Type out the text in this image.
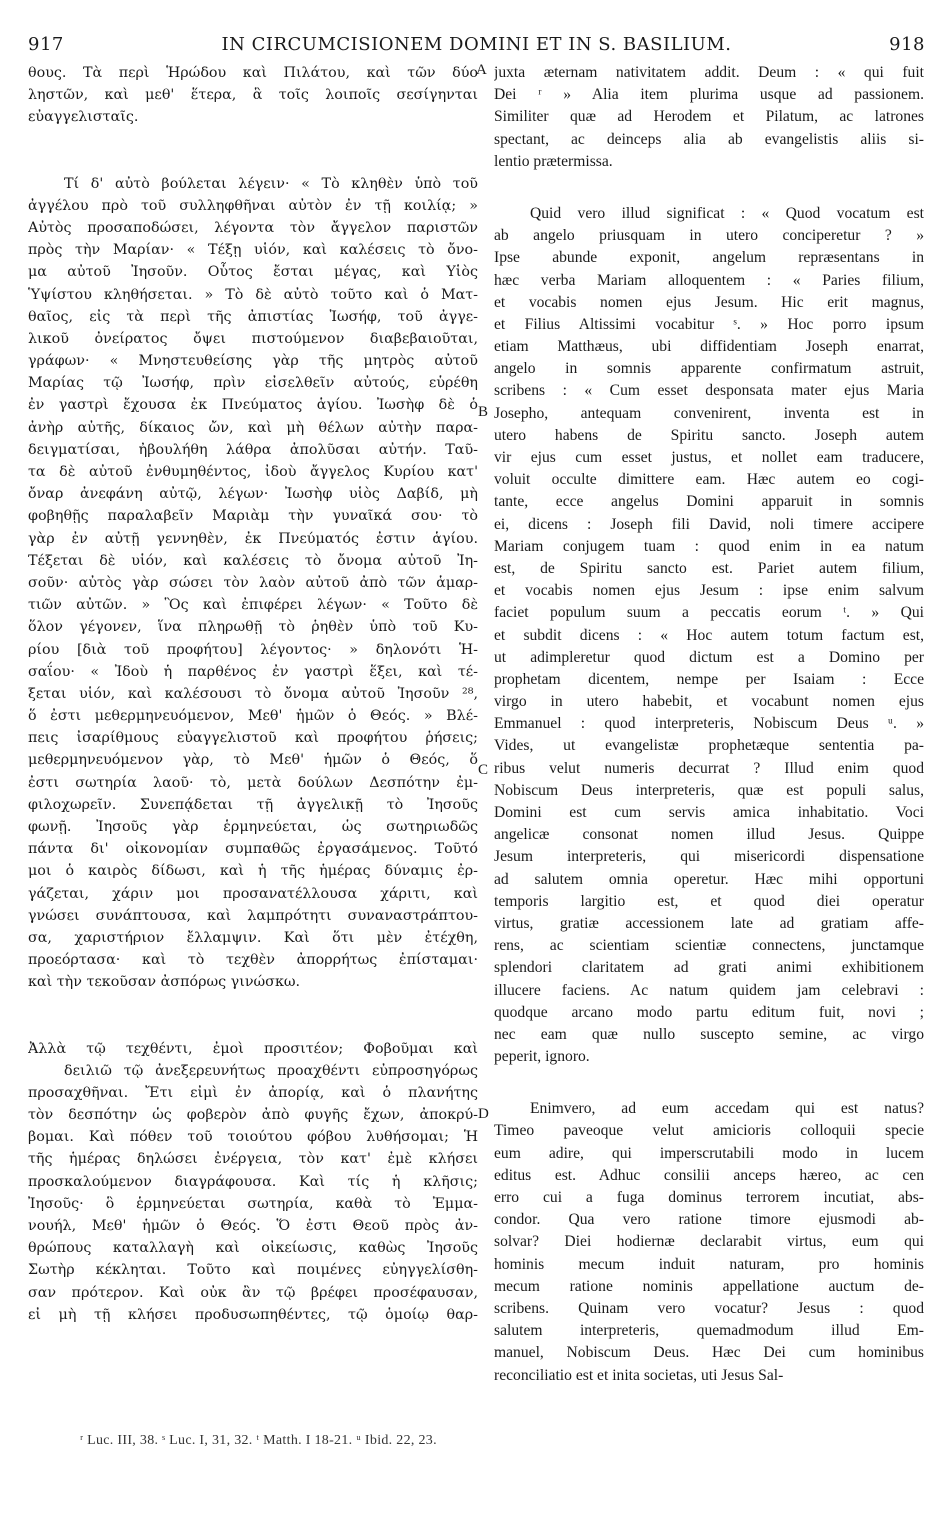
917	IN CIRCUMCISIONEM DOMINI ET IN S. BASILIUM.	918
θους. Τὰ περὶ Ἡρώδου καὶ Πιλάτου, καὶ τῶν δύο
ληστῶν, καὶ μεθ' ἕτερα, ἃ τοῖς λοιποῖς σεσίγηνται
εὐαγγελισταῖς.
Τί δ' αὐτὸ βούλεται λέγειν· « Τὸ κληθὲν ὑπὸ τοῦ
ἀγγέλου πρὸ τοῦ συλληφθῆναι αὐτὸν ἐν τῇ κοιλίᾳ; »
Αὐτὸς προσαποδώσει, λέγοντα τὸν ἄγγελον παριστῶν
πρὸς τὴν Μαρίαν· « Τέξῃ υἱόν, καὶ καλέσεις τὸ ὄνο-
μα αὐτοῦ Ἰησοῦν. Οὗτος ἔσται μέγας, καὶ Υἱὸς
Ὑψίστου κληθήσεται. » Τὸ δὲ αὐτὸ τοῦτο καὶ ὁ Ματ-
θαῖος, εἰς τὰ περὶ τῆς ἀπιστίας Ἰωσήφ, τοῦ ἀγγε-
λικοῦ ὀνείρατος ὄψει πιστούμενον διαβεβαιοῦται,
γράφων· « Μνηστευθείσης γὰρ τῆς μητρὸς αὐτοῦ
Μαρίας τῷ Ἰωσήφ, πρὶν εἰσελθεῖν αὐτούς, εὑρέθη
ἐν γαστρὶ ἔχουσα ἐκ Πνεύματος ἁγίου. Ἰωσὴφ δὲ ὁ
ἀνὴρ αὐτῆς, δίκαιος ὤν, καὶ μὴ θέλων αὐτὴν παρα-
δειγματίσαι, ἠβουλήθη λάθρα ἀπολῦσαι αὐτήν. Ταῦ-
τα δὲ αὐτοῦ ἐνθυμηθέντος, ἰδοὺ ἄγγελος Κυρίου κατ'
ὄναρ ἀνεφάνη αὐτῷ, λέγων· Ἰωσὴφ υἱὸς Δαβίδ, μὴ
φοβηθῇς παραλαβεῖν Μαριὰμ τὴν γυναῖκά σου· τὸ
γὰρ ἐν αὐτῇ γεννηθὲν, ἐκ Πνεύματός ἐστιν ἁγίου.
Τέξεται δὲ υἱόν, καὶ καλέσεις τὸ ὄνομα αὐτοῦ Ἰη-
σοῦν· αὐτὸς γὰρ σώσει τὸν λαὸν αὐτοῦ ἀπὸ τῶν ἁμαρ-
τιῶν αὐτῶν. » Ὃς καὶ ἐπιφέρει λέγων· « Τοῦτο δὲ
ὅλον γέγονεν, ἵνα πληρωθῇ τὸ ῥηθὲν ὑπὸ τοῦ Κυ-
ρίου [διὰ τοῦ προφήτου] λέγοντος· » δηλονότι Ἡ-
σαΐου· « Ἰδοὺ ἡ παρθένος ἐν γαστρὶ ἕξει, καὶ τέ-
ξεται υἱόν, καὶ καλέσουσι τὸ ὄνομα αὐτοῦ Ἰησοῦν ²⁸,
ὅ ἐστι μεθερμηνευόμενον, Μεθ' ἡμῶν ὁ Θεός. » Βλέ-
πεις ἰσαρίθμους εὐαγγελιστοῦ καὶ προφήτου ῥήσεις;
μεθερμηνευόμενον γὰρ, τὸ Μεθ' ἡμῶν ὁ Θεός, ὅ
ἐστι σωτηρία λαοῦ· τὸ, μετὰ δούλων Δεσπότην ἐμ-
φιλοχωρεῖν. Συνεπᾴδεται τῇ ἀγγελικῇ τὸ Ἰησοῦς
φωνῇ. Ἰησοῦς γὰρ ἑρμηνεύεται, ὡς σωτηριωδῶς
πάντα δι' οἰκονομίαν συμπαθῶς ἐργασάμενος. Τοῦτό
μοι ὁ καιρὸς δίδωσι, καὶ ἡ τῆς ἡμέρας δύναμις ἐρ-
γάζεται, χάριν μοι προσανατέλλουσα χάριτι, καὶ
γνώσει συνάπτουσα, καὶ λαμπρότητι συναναστράπτου-
σα, χαριστήριον ἔλλαμψιν. Καὶ ὅτι μὲν ἐτέχθη,
προεόρτασα· καὶ τὸ τεχθὲν ἀπορρήτως ἐπίσταμαι·
καὶ τὴν τεκοῦσαν ἀσπόρως γινώσκω.
Ἀλλὰ τῷ τεχθέντι, ἐμοὶ προσιτέον; Φοβοῦμαι καὶ
δειλιῶ τῷ ἀνεξερευνήτως προαχθέντι εὐπροσηγόρως
προσαχθῆναι. Ἔτι εἰμὶ ἐν ἀπορίᾳ, καὶ ὁ πλανήτης
τὸν δεσπότην ὡς φοβερὸν ἀπὸ φυγῆς ἔχων, ἀποκρύ-
βομαι. Καὶ πόθεν τοῦ τοιούτου φόβου λυθήσομαι; Ἡ
τῆς ἡμέρας δηλώσει ἐνέργεια, τὸν κατ' ἐμὲ κλήσει
προσκαλούμενον διαγράφουσα. Καὶ τίς ἡ κλῆσις;
Ἰησοῦς· ὃ ἑρμηνεύεται σωτηρία, καθὰ τὸ Ἐμμα-
νουήλ, Μεθ' ἡμῶν ὁ Θεός. Ὅ ἐστι Θεοῦ πρὸς ἀν-
θρώπους καταλλαγὴ καὶ οἰκείωσις, καθὼς Ἰησοῦς
Σωτὴρ κέκληται. Τοῦτο καὶ ποιμένες εὐηγγελίσθη-
σαν πρότερον. Καὶ οὐκ ἂν τῷ βρέφει προσέφαυσαν,
εἰ μὴ τῇ κλήσει προδυσωπηθέντες, τῷ ὁμοίῳ θαρ-
juxta æternam nativitatem addit. Deum : « qui fuit
Dei ʳ » Alia item plurima usque ad passionem.
Similiter quæ ad Herodem et Pilatum, ac latrones
spectant, ac deinceps alia ab evangelistis aliis si-
lentio prætermissa.
Quid vero illud significat : « Quod vocatum est
ab angelo priusquam in utero conciperetur ? »
Ipse abunde exponit, angelum repræsentans in
hæc verba Mariam alloquentem : « Paries filium,
et vocabis nomen ejus Jesum. Hic erit magnus,
et Filius Altissimi vocabitur ˢ. » Hoc porro ipsum
etiam Matthæus, ubi diffidentiam Joseph enarrat,
angelo in somnis apparente confirmatum astruit,
scribens : « Cum esset desponsata mater ejus Maria
Josepho, antequam convenirent, inventa est in
utero habens de Spiritu sancto. Joseph autem
vir ejus cum esset justus, et nollet eam traducere,
voluit occulte dimittere eam. Hæc autem eo cogi-
tante, ecce angelus Domini apparuit in somnis
ei, dicens : Joseph fili David, noli timere accipere
Mariam conjugem tuam : quod enim in ea natum
est, de Spiritu sancto est. Pariet autem filium,
et vocabis nomen ejus Jesum : ipse enim salvum
faciet populum suum a peccatis eorum ᵗ. » Qui
et subdit dicens : « Hoc autem totum factum est,
ut adimpleretur quod dictum est a Domino per
prophetam dicentem, nempe per Isaiam : Ecce
virgo in utero habebit, et vocabunt nomen ejus
Emmanuel : quod interpreteris, Nobiscum Deus ᵘ. »
Vides, ut evangelistæ prophetæque sententia pa-
ribus velut numeris decurrat ? Illud enim quod
Nobiscum Deus interpreteris, quæ est populi salus,
Domini est cum servis amica inhabitatio. Voci
angelicæ consonat nomen illud Jesus. Quippe
Jesum interpreteris, qui misericordi dispensatione
ad salutem omnia operetur. Hæc mihi opportuni
temporis largitio est, et quod diei operatur
virtus, gratiæ accessionem late ad gratiam affe-
rens, ac scientiam scientiæ connectens, junctamque
splendori claritatem ad grati animi exhibitionem
illucere faciens. Ac natum quidem jam celebravi :
quodque arcano modo partu editum fuit, novi ;
nec eam quæ nullo suscepto semine, ac virgo
peperit, ignoro.
Enimvero, ad eum accedam qui est natus?
Timeo paveoque velut amicioris colloquii specie
eum adire, qui imperscrutabili modo in lucem
editus est. Adhuc consilii anceps hæreo, ac cen
erro cui a fuga dominus terrorem incutiat, abs-
condor. Qua vero ratione timore ejusmodi ab-
solvar? Diei hodiernæ declarabit virtus, eum qui
hominis mecum induit naturam, pro hominis
mecum ratione nominis appellatione auctum de-
scribens. Quinam vero vocatur? Jesus : quod
salutem interpreteris, quemadmodum illud Em-
manuel, Nobiscum Deus. Hæc Dei cum hominibus
reconciliatio est et inita societas, uti Jesus Sal-
A
B
C
D
ʳ Luc. III, 38. ˢ Luc. I, 31, 32. ᵗ Matth. I 18-21. ᵘ Ibid. 22, 23.
